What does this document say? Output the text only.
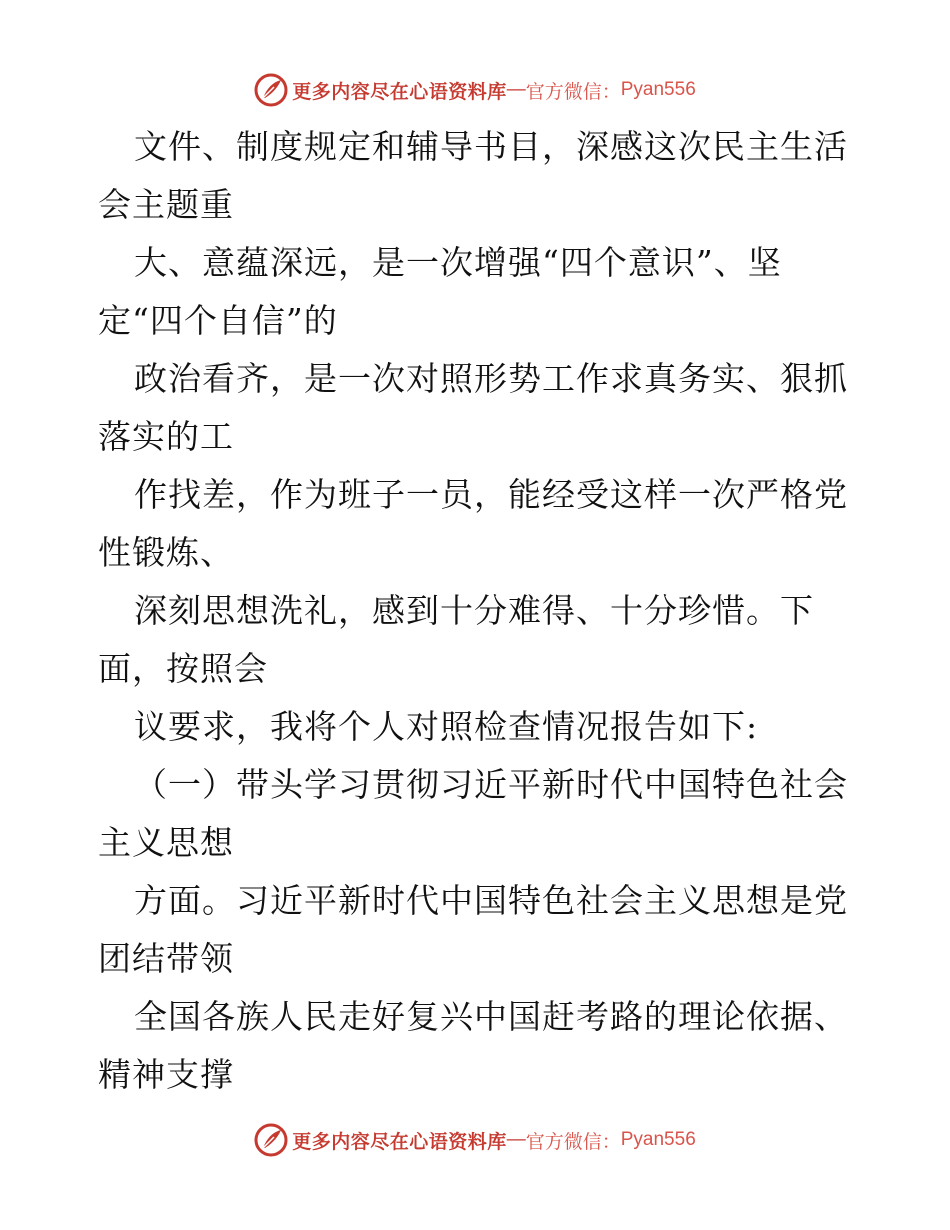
更多内容尽在心语资料库 — 官方微信： Pyan556
文件、制度规定和辅导书目，深感这次民主生活
会主题重
大、意蕴深远，是一次增强“四个意识”、坚
定“四个自信”的
政治看齐，是一次对照形势工作求真务实、狠抓
落实的工
作找差，作为班子一员，能经受这样一次严格党
性锻炼、
深刻思想洗礼，感到十分难得、十分珍惜。下
面，按照会
议要求，我将个人对照检查情况报告如下:
（一）带头学习贯彻习近平新时代中国特色社会
主义思想
方面。习近平新时代中国特色社会主义思想是党
团结带领
全国各族人民走好复兴中国赶考路的理论依据、
精神支撑
更多内容尽在心语资料库 — 官方微信： Pyan556
